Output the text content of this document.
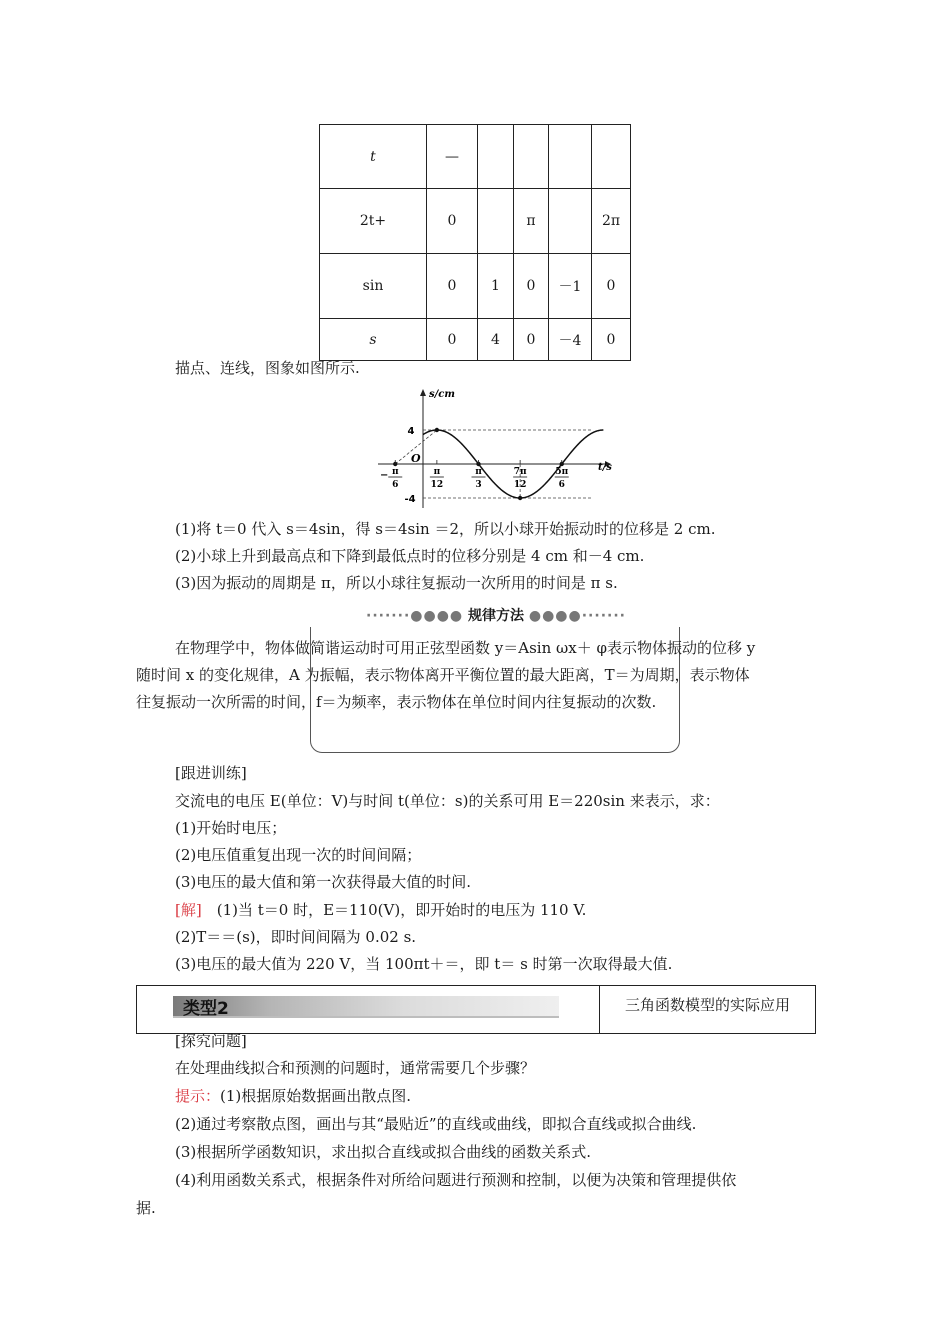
t	—				
2t+	0		π		2π
sin	0	1	0	－1	0
s	0	4	0	－4	0
描点、连线，图象如图所示.
4
-4
s/cm
t/s
O
− π
6
π
12
π
3
7π
12
5π
6
(1)将 t＝0 代入 s＝4sin，得 s＝4sin ＝2，所以小球开始振动时的位移是 2 cm.
(2)小球上升到最高点和下降到最低点时的位移分别是 4 cm 和－4 cm.
(3)因为振动的周期是 π，所以小球往复振动一次所用的时间是 π s.
·······●●●● 规律方法 ●●●●·······
在物理学中，物体做简谐运动时可用正弦型函数 y＝Asin ωx＋ φ表示物体振动的位移 y
随时间 x 的变化规律，A 为振幅，表示物体离开平衡位置的最大距离，T＝为周期，表示物体
往复振动一次所需的时间，f＝为频率，表示物体在单位时间内往复振动的次数.
[跟进训练]
交流电的电压 E(单位：V)与时间 t(单位：s)的关系可用 E＝220sin 来表示，求：
(1)开始时电压；
(2)电压值重复出现一次的时间间隔；
(3)电压的最大值和第一次获得最大值的时间.
[解]　(1)当 t＝0 时，E＝110(V)，即开始时的电压为 110 V.
(2)T＝＝(s)，即时间间隔为 0.02 s.
(3)电压的最大值为 220 V，当 100πt＋＝，即 t＝ s 时第一次取得最大值.
类型2	三角函数模型的实际应用
[探究问题]
在处理曲线拟合和预测的问题时，通常需要几个步骤？
提示：(1)根据原始数据画出散点图.
(2)通过考察散点图，画出与其“最贴近”的直线或曲线，即拟合直线或拟合曲线.
(3)根据所学函数知识，求出拟合直线或拟合曲线的函数关系式.
(4)利用函数关系式，根据条件对所给问题进行预测和控制，以便为决策和管理提供依
据.
